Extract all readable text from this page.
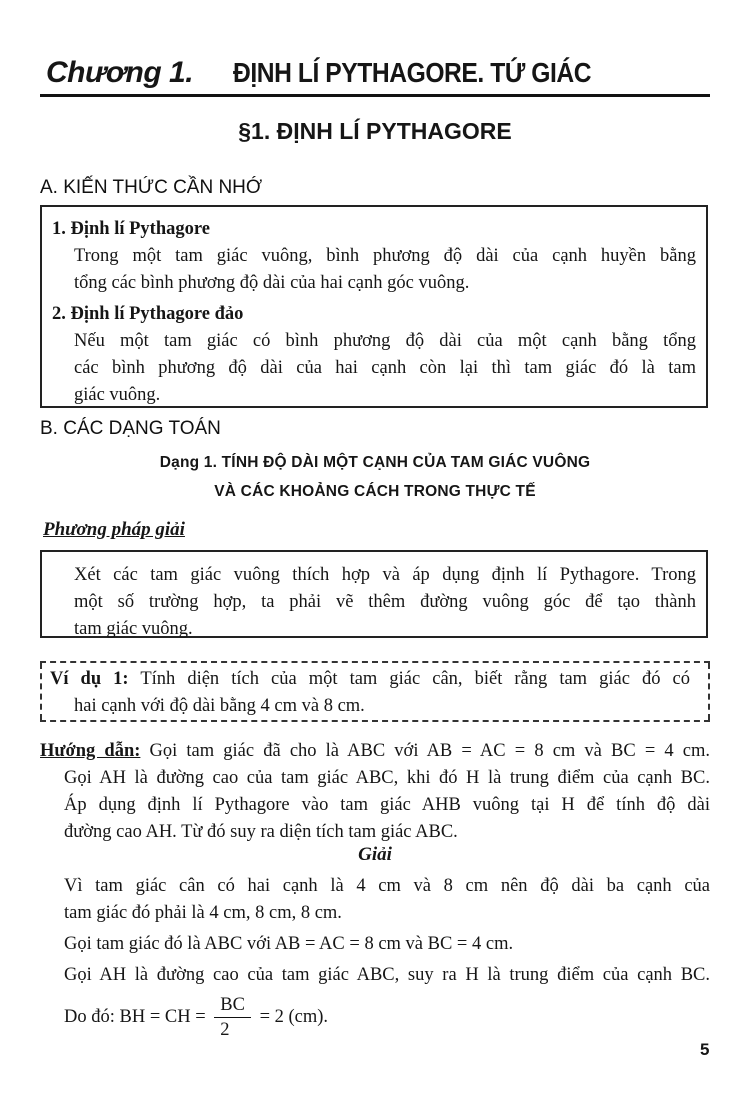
Chương 1. ĐỊNH LÍ PYTHAGORE. TỨ GIÁC
§1. ĐỊNH LÍ PYTHAGORE
A. KIẾN THỨC CẦN NHỚ
1. Định lí Pythagore
Trong một tam giác vuông, bình phương độ dài của cạnh huyền bằng
tổng các bình phương độ dài của hai cạnh góc vuông.
2. Định lí Pythagore đảo
Nếu một tam giác có bình phương độ dài của một cạnh bằng tổng
các bình phương độ dài của hai cạnh còn lại thì tam giác đó là tam
giác vuông.
B. CÁC DẠNG TOÁN
Dạng 1. TÍNH ĐỘ DÀI MỘT CẠNH CỦA TAM GIÁC VUÔNG
VÀ CÁC KHOẢNG CÁCH TRONG THỰC TẾ
Phương pháp giải
Xét các tam giác vuông thích hợp và áp dụng định lí Pythagore. Trong
một số trường hợp, ta phải vẽ thêm đường vuông góc để tạo thành
tam giác vuông.
Ví dụ 1: Tính diện tích của một tam giác cân, biết rằng tam giác đó có
hai cạnh với độ dài bằng 4 cm và 8 cm.
Hướng dẫn: Gọi tam giác đã cho là ABC với AB = AC = 8 cm và BC = 4 cm.
Gọi AH là đường cao của tam giác ABC, khi đó H là trung điểm của cạnh BC.
Áp dụng định lí Pythagore vào tam giác AHB vuông tại H để tính độ dài
đường cao AH. Từ đó suy ra diện tích tam giác ABC.
Giải
Vì tam giác cân có hai cạnh là 4 cm và 8 cm nên độ dài ba cạnh của
tam giác đó phải là 4 cm, 8 cm, 8 cm.
Gọi tam giác đó là ABC với AB = AC = 8 cm và BC = 4 cm.
Gọi AH là đường cao của tam giác ABC, suy ra H là trung điểm của cạnh BC.
Do đó: BH = CH = $\frac{BC}{2} = 2$ (cm).
5
